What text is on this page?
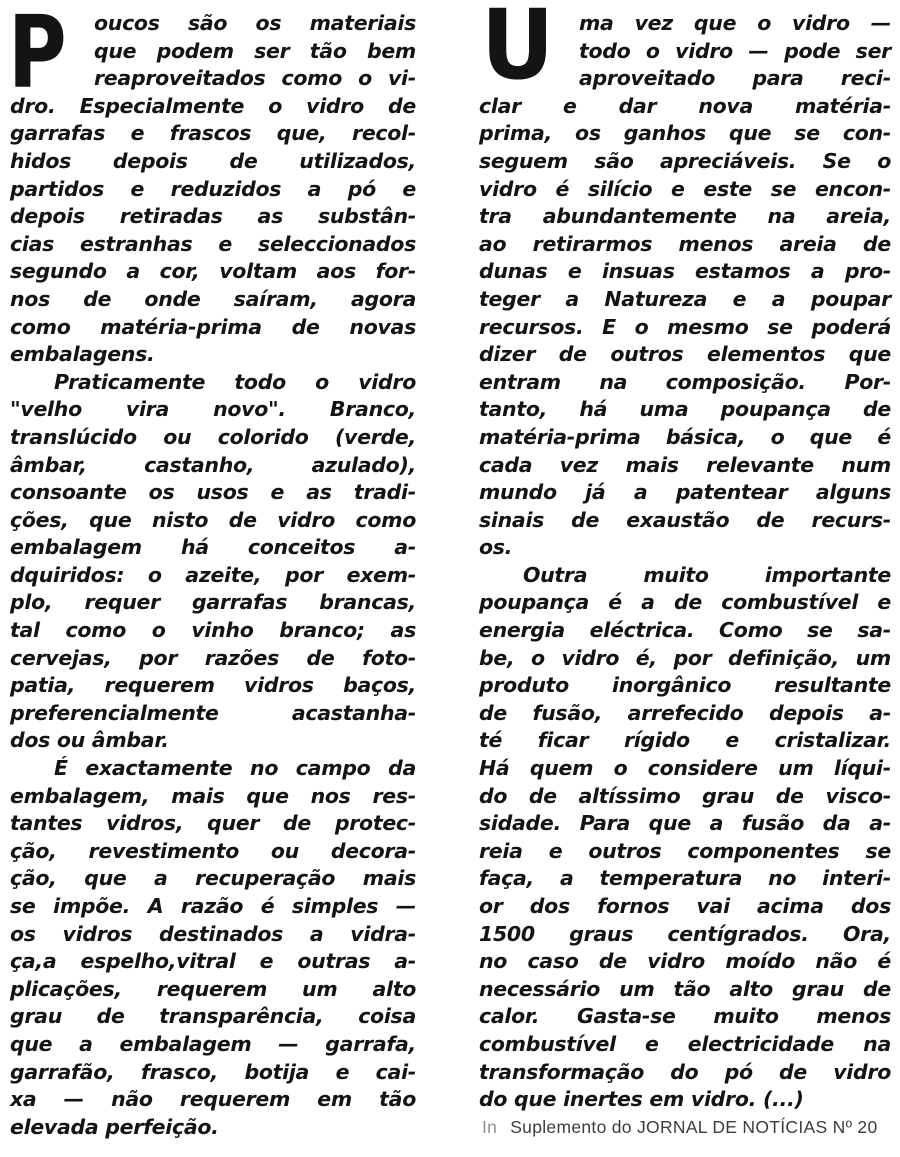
P	U
oucos são os materiais
que podem ser tão bem
reaproveitados como o vi-
dro. Especialmente o vidro de
garrafas e frascos que, recol-
hidos depois de utilizados,
partidos e reduzidos a pó e
depois retiradas as substân-
cias estranhas e seleccionados
segundo a cor, voltam aos for-
nos de onde saíram, agora
como matéria-prima de novas
embalagens.
Praticamente todo o vidro
"velho vira novo". Branco,
translúcido ou colorido (verde,
âmbar, castanho, azulado),
consoante os usos e as tradi-
ções, que nisto de vidro como
embalagem há conceitos a-
dquiridos: o azeite, por exem-
plo, requer garrafas brancas,
tal como o vinho branco; as
cervejas, por razões de foto-
patia, requerem vidros baços,
preferencialmente acastanha-
dos ou âmbar.
É exactamente no campo da
embalagem, mais que nos res-
tantes vidros, quer de protec-
ção, revestimento ou decora-
ção, que a recuperação mais
se impõe. A razão é simples —
os vidros destinados a vidra-
ça,a espelho,vitral e outras a-
plicações, requerem um alto
grau de transparência, coisa
que a embalagem — garrafa,
garrafão, frasco, botija e cai-
xa — não requerem em tão
elevada perfeição.
ma vez que o vidro —
todo o vidro — pode ser
aproveitado para reci-
clar e dar nova matéria-
prima, os ganhos que se con-
seguem são apreciáveis. Se o
vidro é silício e este se encon-
tra abundantemente na areia,
ao retirarmos menos areia de
dunas e insuas estamos a pro-
teger a Natureza e a poupar
recursos. E o mesmo se poderá
dizer de outros elementos que
entram na composição. Por-
tanto, há uma poupança de
matéria-prima básica, o que é
cada vez mais relevante num
mundo já a patentear alguns
sinais de exaustão de recurs-
os.
Outra muito importante
poupança é a de combustível e
energia eléctrica. Como se sa-
be, o vidro é, por definição, um
produto inorgânico resultante
de fusão, arrefecido depois a-
té ficar rígido e cristalizar.
Há quem o considere um líqui-
do de altíssimo grau de visco-
sidade. Para que a fusão da a-
reia e outros componentes se
faça, a temperatura no interi-
or dos fornos vai acima dos
1500 graus centígrados. Ora,
no caso de vidro moído não é
necessário um tão alto grau de
calor. Gasta-se muito menos
combustível e electricidade na
transformação do pó de vidro
do que inertes em vidro. (...)
In Suplemento do JORNAL DE NOTÍCIAS Nº 20
